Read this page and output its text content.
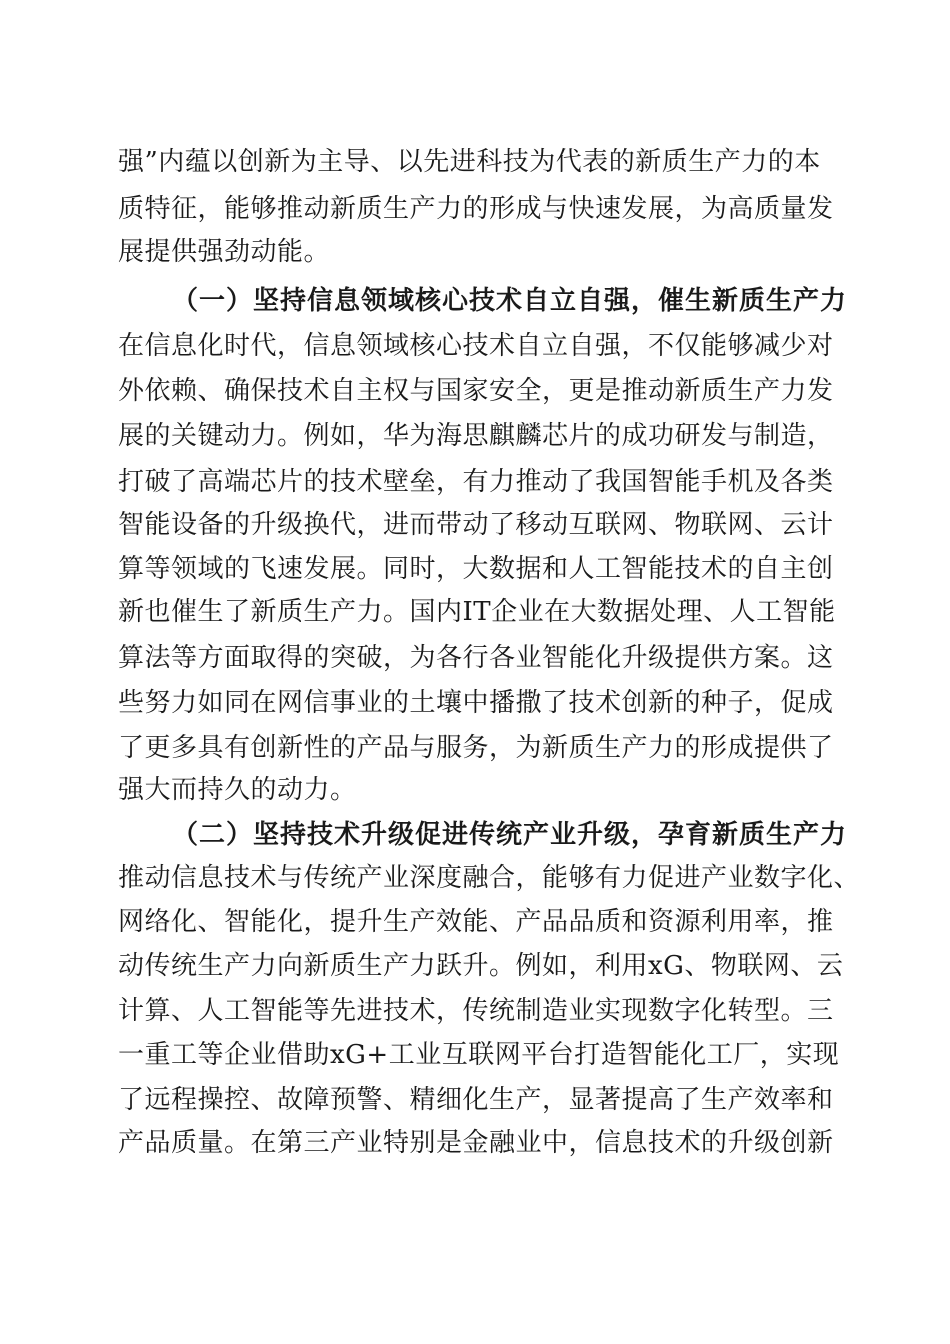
强”内蕴以创新为主导、以先进科技为代表的新质生产力的本
质特征，能够推动新质生产力的形成与快速发展，为高质量发
展提供强劲动能。
（一）坚持信息领域核心技术自立自强，催生新质生产力
在信息化时代，信息领域核心技术自立自强，不仅能够减少对
外依赖、确保技术自主权与国家安全，更是推动新质生产力发
展的关键动力。例如，华为海思麒麟芯片的成功研发与制造，
打破了高端芯片的技术壁垒，有力推动了我国智能手机及各类
智能设备的升级换代，进而带动了移动互联网、物联网、云计
算等领域的飞速发展。同时，大数据和人工智能技术的自主创
新也催生了新质生产力。国内IT企业在大数据处理、人工智能
算法等方面取得的突破，为各行各业智能化升级提供方案。这
些努力如同在网信事业的土壤中播撒了技术创新的种子，促成
了更多具有创新性的产品与服务，为新质生产力的形成提供了
强大而持久的动力。
（二）坚持技术升级促进传统产业升级，孕育新质生产力
推动信息技术与传统产业深度融合，能够有力促进产业数字化、
网络化、智能化，提升生产效能、产品品质和资源利用率，推
动传统生产力向新质生产力跃升。例如，利用xG、物联网、云
计算、人工智能等先进技术，传统制造业实现数字化转型。三
一重工等企业借助xG+工业互联网平台打造智能化工厂，实现
了远程操控、故障预警、精细化生产，显著提高了生产效率和
产品质量。在第三产业特别是金融业中，信息技术的升级创新
